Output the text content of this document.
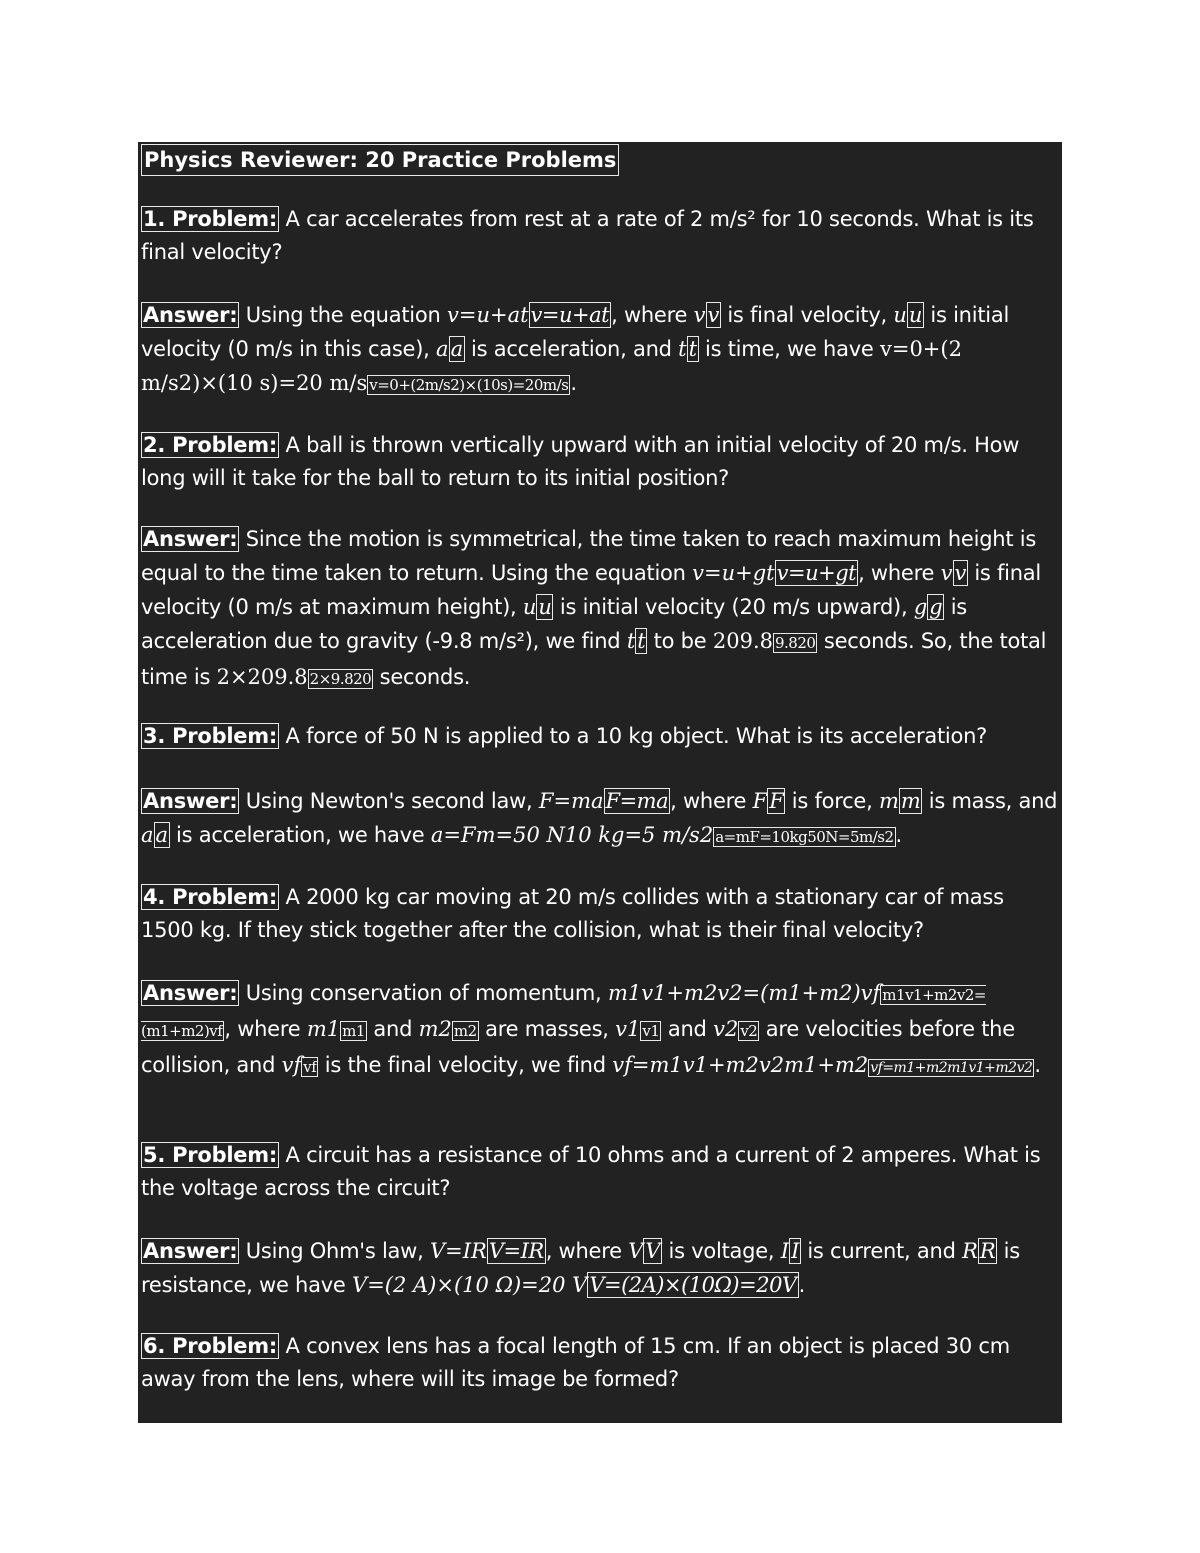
Physics Reviewer: 20 Practice Problems
1. Problem: A car accelerates from rest at a rate of 2 m/s² for 10 seconds. What is its final velocity?
Answer: Using the equation v=u+atv=u+at, where vv is final velocity, uu is initial velocity (0 m/s in this case), aa is acceleration, and tt is time, we have v=0+(2 m/s2)×(10 s)=20 m/s v=0+(2m/s2)×(10s)=20m/s.
2. Problem: A ball is thrown vertically upward with an initial velocity of 20 m/s. How long will it take for the ball to return to its initial position?
Answer: Since the motion is symmetrical, the time taken to reach maximum height is equal to the time taken to return. Using the equation v=u+gtv=u+gt, where vv is final velocity (0 m/s at maximum height), uu is initial velocity (20 m/s upward), gg is acceleration due to gravity (-9.8 m/s²), we find tt to be 209.8 9.820 seconds. So, the total time is 2×209.8 2×9.820 seconds.
3. Problem: A force of 50 N is applied to a 10 kg object. What is its acceleration?
Answer: Using Newton's second law, F=maF=ma, where FF is force, mm is mass, and aa is acceleration, we have a=Fm=50 N10 kg=5 m/s2 a=mF=10kg50N=5m/s2.
4. Problem: A 2000 kg car moving at 20 m/s collides with a stationary car of mass 1500 kg. If they stick together after the collision, what is their final velocity?
Answer: Using conservation of momentum, m1v1+m2v2=(m1+m2)vf m1v1+m2v2=(m1+m2)vf, where m1 m1 and m2 m2 are masses, v1 v1 and v2 v2 are velocities before the collision, and vf vf is the final velocity, we find vf=m1v1+m2v2m1+m2 vf=m1+m2m1v1+m2v2.
5. Problem: A circuit has a resistance of 10 ohms and a current of 2 amperes. What is the voltage across the circuit?
Answer: Using Ohm's law, V=IRV=IR, where VV is voltage, II is current, and RR is resistance, we have V=(2 A)×(10 Ω)=20 VV=(2A)×(10Ω)=20V.
6. Problem: A convex lens has a focal length of 15 cm. If an object is placed 30 cm away from the lens, where will its image be formed?
